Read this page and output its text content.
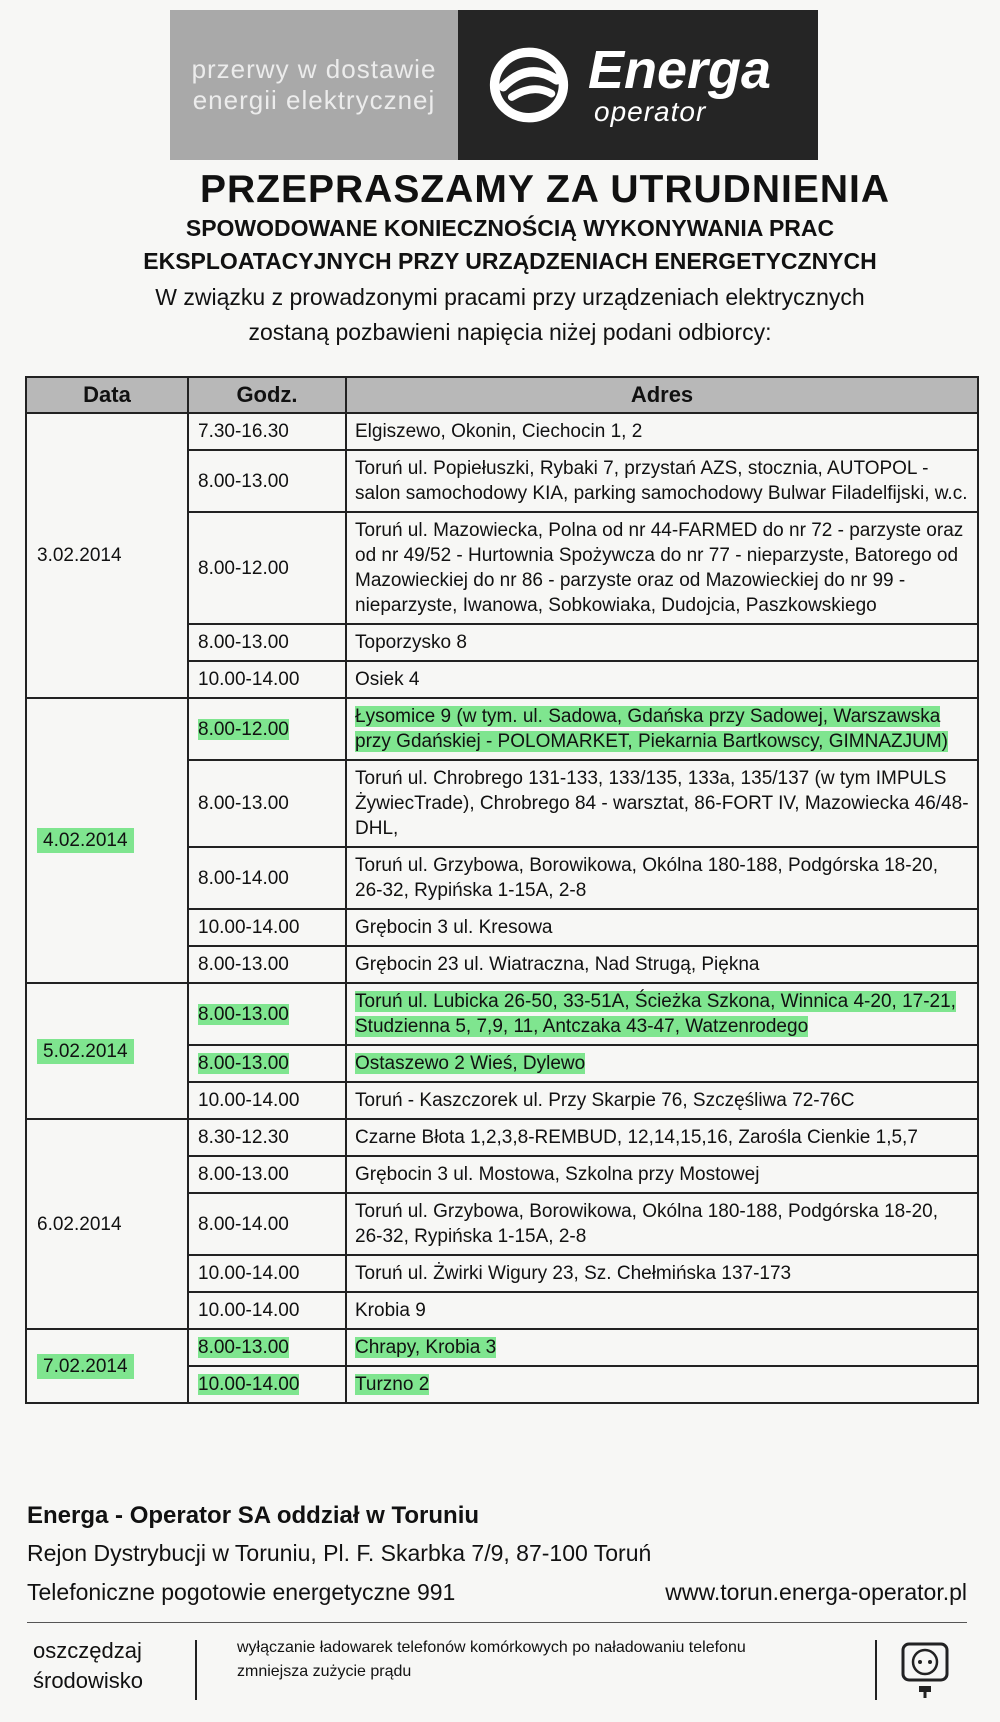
przerwy w dostawie
energii elektrycznej	Energa
operator
PRZEPRASZAMY ZA UTRUDNIENIA
SPOWODOWANE KONIECZNOŚCIĄ WYKONYWANIA PRAC
EKSPLOATACYJNYCH PRZY URZĄDZENIACH ENERGETYCZNYCH
W związku z prowadzonymi pracami przy urządzeniach elektrycznych
zostaną pozbawieni napięcia niżej podani odbiorcy:
Data	Godz.	Adres
3.02.2014	7.30-16.30	Elgiszewo, Okonin, Ciechocin 1, 2
	8.00-13.00	Toruń ul. Popiełuszki, Rybaki 7, przystań AZS, stocznia, AUTOPOL - salon samochodowy KIA, parking samochodowy Bulwar Filadelfijski, w.c.
	8.00-12.00	Toruń ul. Mazowiecka, Polna od nr 44-FARMED do nr 72 - parzyste oraz od nr 49/52 - Hurtownia Spożywcza do nr 77 - nieparzyste, Batorego od Mazowieckiej do nr 86 - parzyste oraz od Mazowieckiej do nr 99 - nieparzyste, Iwanowa, Sobkowiaka, Dudojcia, Paszkowskiego
	8.00-13.00	Toporzysko 8
	10.00-14.00	Osiek 4
4.02.2014	8.00-12.00	Łysomice 9 (w tym. ul. Sadowa, Gdańska przy Sadowej, Warszawska przy Gdańskiej - POLOMARKET, Piekarnia Bartkowscy, GIMNAZJUM)
	8.00-13.00	Toruń ul. Chrobrego 131-133, 133/135, 133a, 135/137 (w tym IMPULS ŻywiecTrade), Chrobrego 84 - warsztat, 86-FORT IV, Mazowiecka 46/48-DHL,
	8.00-14.00	Toruń ul. Grzybowa, Borowikowa, Okólna 180-188, Podgórska 18-20, 26-32, Rypińska 1-15A, 2-8
	10.00-14.00	Grębocin 3 ul. Kresowa
	8.00-13.00	Grębocin 23 ul. Wiatraczna, Nad Strugą, Piękna
5.02.2014	8.00-13.00	Toruń ul. Lubicka 26-50, 33-51A, Ścieżka Szkona, Winnica 4-20, 17-21, Studzienna 5, 7,9, 11, Antczaka 43-47, Watzenrodego
	8.00-13.00	Ostaszewo 2 Wieś, Dylewo
	10.00-14.00	Toruń - Kaszczorek ul. Przy Skarpie 76, Szczęśliwa 72-76C
6.02.2014	8.30-12.30	Czarne Błota 1,2,3,8-REMBUD, 12,14,15,16, Zarośla Cienkie 1,5,7
	8.00-13.00	Grębocin 3 ul. Mostowa, Szkolna przy Mostowej
	8.00-14.00	Toruń ul. Grzybowa, Borowikowa, Okólna 180-188, Podgórska 18-20, 26-32, Rypińska 1-15A, 2-8
	10.00-14.00	Toruń ul. Żwirki Wigury 23, Sz. Chełmińska 137-173
	10.00-14.00	Krobia 9
7.02.2014	8.00-13.00	Chrapy, Krobia 3
	10.00-14.00	Turzno 2
Energa - Operator SA oddział w Toruniu
Rejon Dystrybucji w Toruniu, Pl. F. Skarbka 7/9, 87-100 Toruń
Telefoniczne pogotowie energetyczne 991	www.torun.energa-operator.pl
oszczędzaj
środowisko
wyłączanie ładowarek telefonów komórkowych po naładowaniu telefonu
zmniejsza zużycie prądu
